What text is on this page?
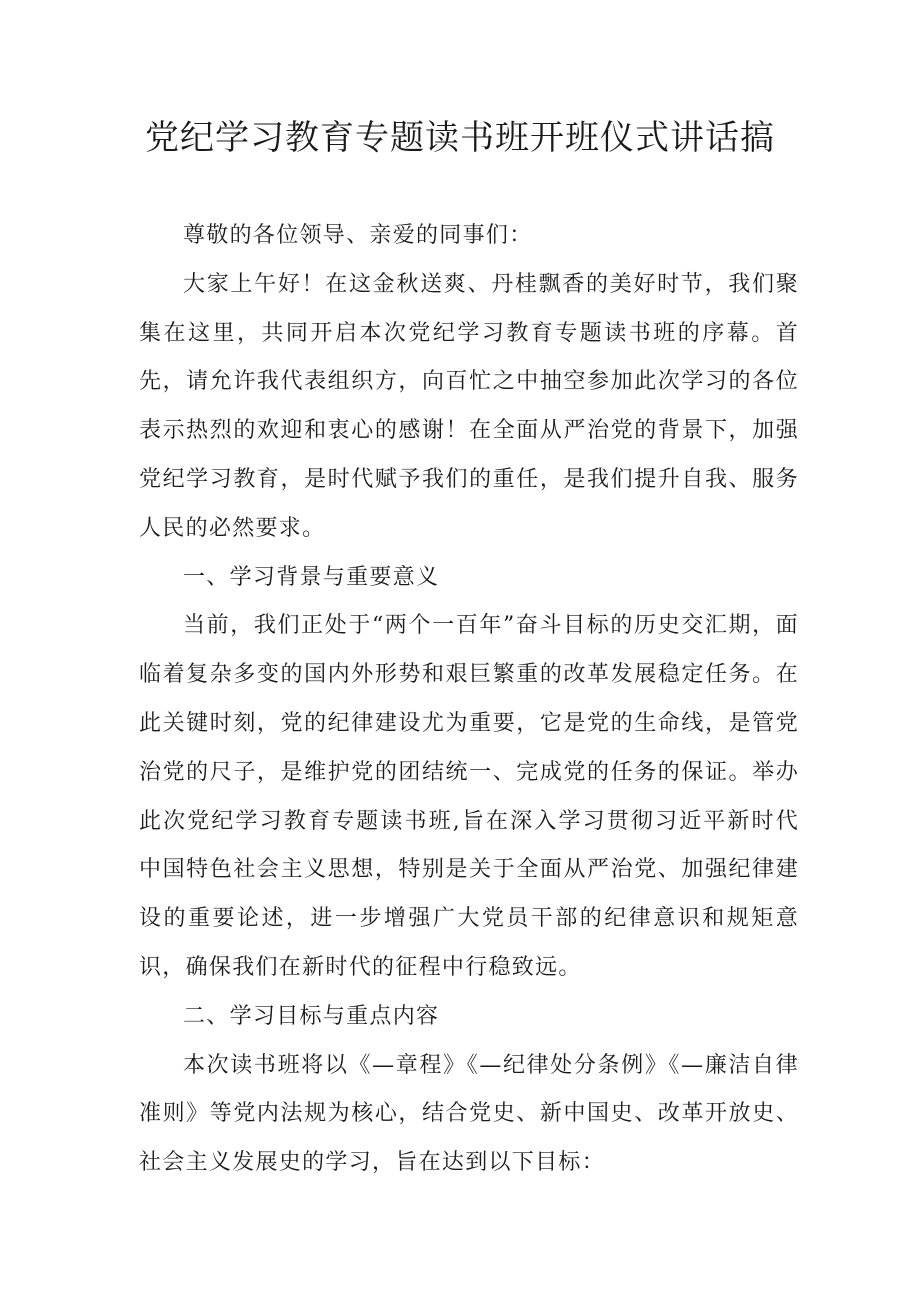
党纪学习教育专题读书班开班仪式讲话搞

尊敬的各位领导、亲爱的同事们：

大家上午好！在这金秋送爽、丹桂飘香的美好时节，我们聚集在这里，共同开启本次党纪学习教育专题读书班的序幕。首先，请允许我代表组织方，向百忙之中抽空参加此次学习的各位表示热烈的欢迎和衷心的感谢！在全面从严治党的背景下，加强党纪学习教育，是时代赋予我们的重任，是我们提升自我、服务人民的必然要求。

一、学习背景与重要意义

当前，我们正处于“两个一百年”奋斗目标的历史交汇期，面临着复杂多变的国内外形势和艰巨繁重的改革发展稳定任务。在此关键时刻，党的纪律建设尤为重要，它是党的生命线，是管党治党的尺子，是维护党的团结统一、完成党的任务的保证。举办此次党纪学习教育专题读书班,旨在深入学习贯彻习近平新时代中国特色社会主义思想，特别是关于全面从严治党、加强纪律建设的重要论述，进一步增强广大党员干部的纪律意识和规矩意识，确保我们在新时代的征程中行稳致远。

二、学习目标与重点内容

本次读书班将以《—章程》《—纪律处分条例》《—廉洁自律准则》等党内法规为核心，结合党史、新中国史、改革开放史、社会主义发展史的学习，旨在达到以下目标：
